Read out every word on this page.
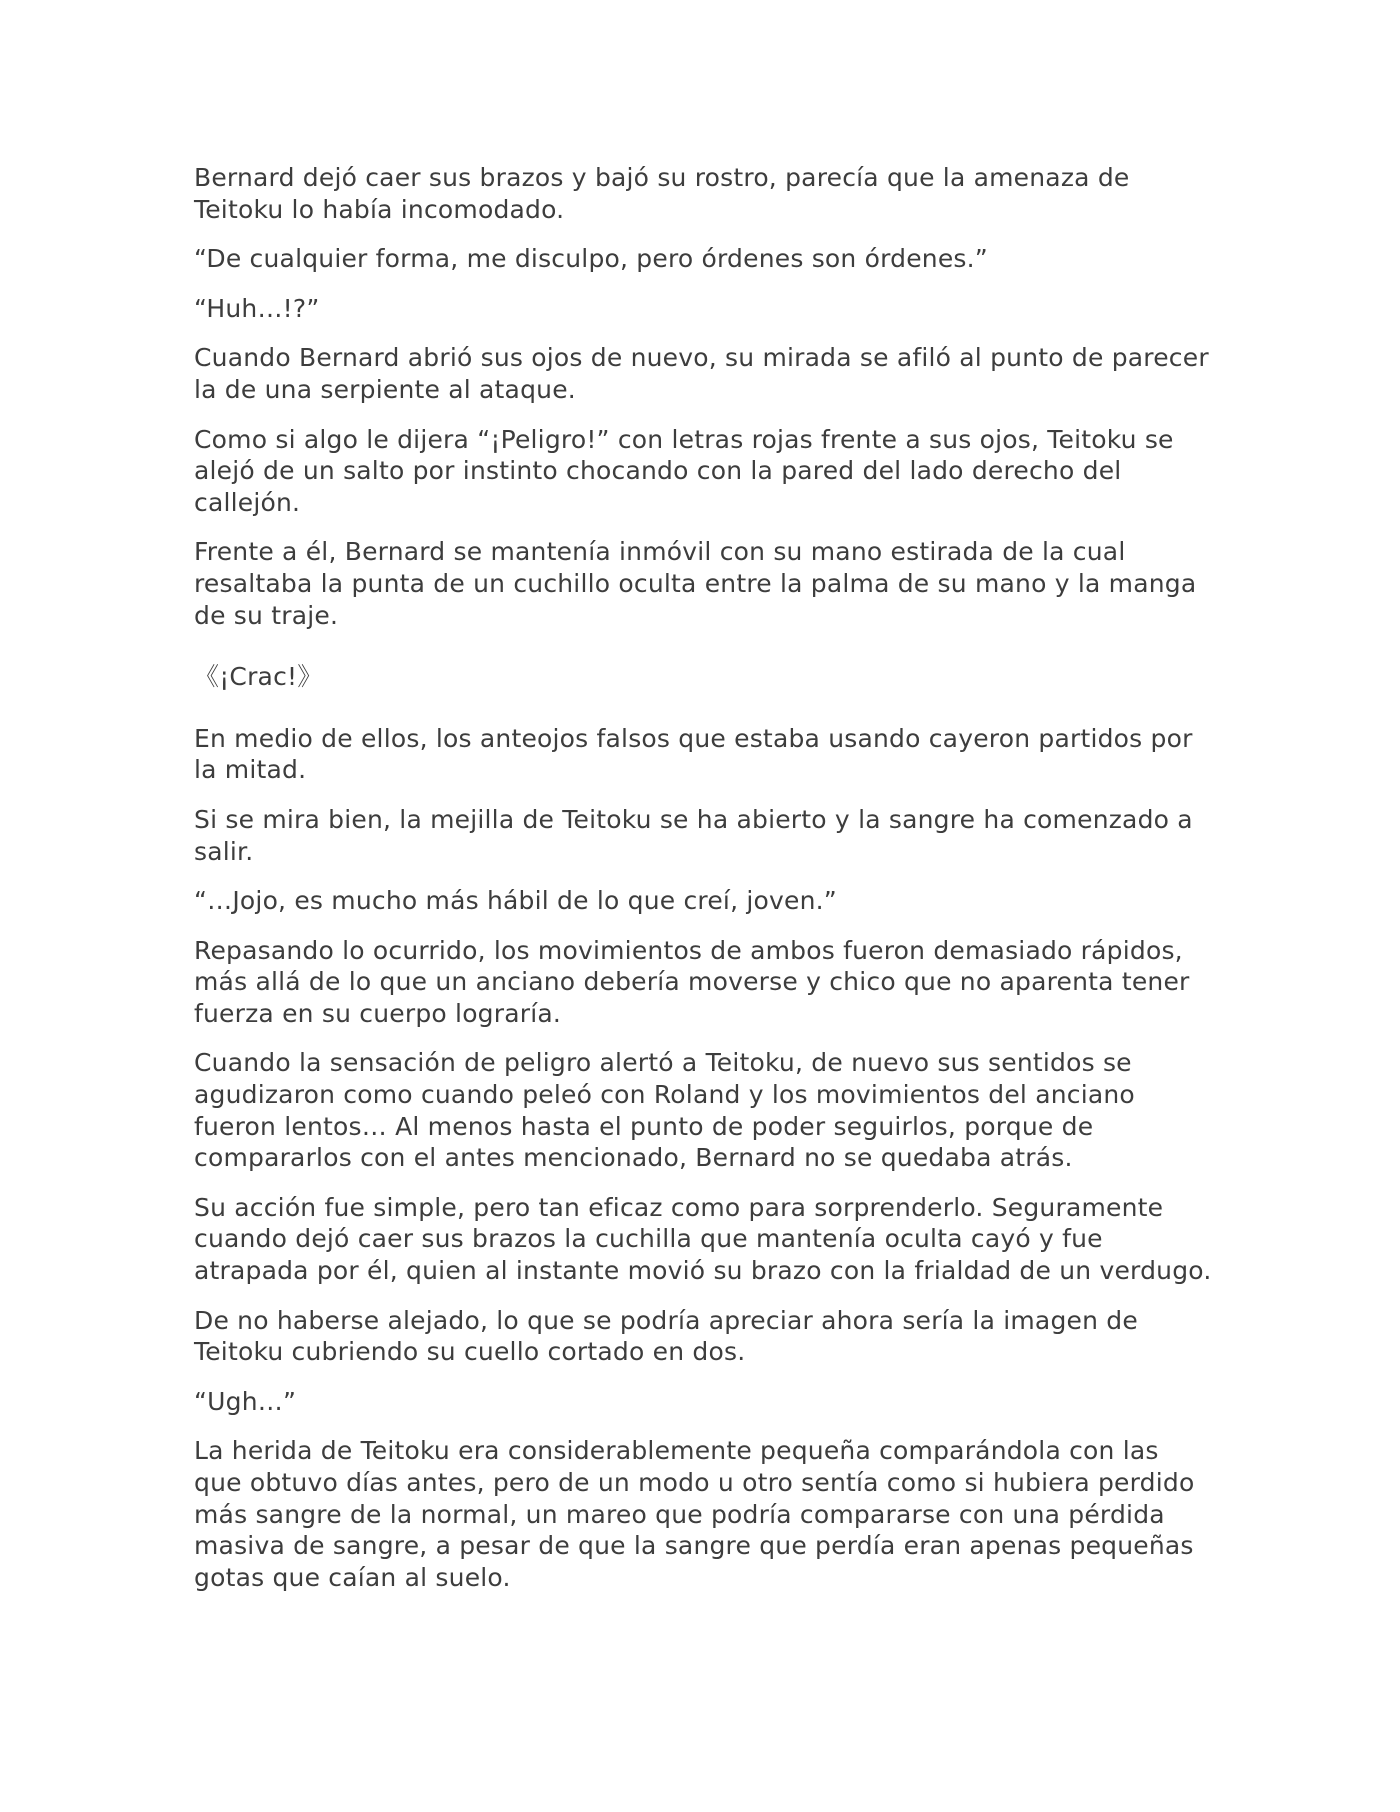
Bernard dejó caer sus brazos y bajó su rostro, parecía que la amenaza de Teitoku lo había incomodado.

“De cualquier forma, me disculpo, pero órdenes son órdenes.”

“Huh…!?”

Cuando Bernard abrió sus ojos de nuevo, su mirada se afiló al punto de parecer la de una serpiente al ataque.

Como si algo le dijera “¡Peligro!” con letras rojas frente a sus ojos, Teitoku se alejó de un salto por instinto chocando con la pared del lado derecho del callejón.

Frente a él, Bernard se mantenía inmóvil con su mano estirada de la cual resaltaba la punta de un cuchillo oculta entre la palma de su mano y la manga de su traje.

《¡Crac!》

En medio de ellos, los anteojos falsos que estaba usando cayeron partidos por la mitad.

Si se mira bien, la mejilla de Teitoku se ha abierto y la sangre ha comenzado a salir.

“…Jojo, es mucho más hábil de lo que creí, joven.”

Repasando lo ocurrido, los movimientos de ambos fueron demasiado rápidos, más allá de lo que un anciano debería moverse y chico que no aparenta tener fuerza en su cuerpo lograría.

Cuando la sensación de peligro alertó a Teitoku, de nuevo sus sentidos se agudizaron como cuando peleó con Roland y los movimientos del anciano fueron lentos… Al menos hasta el punto de poder seguirlos, porque de compararlos con el antes mencionado, Bernard no se quedaba atrás.

Su acción fue simple, pero tan eficaz como para sorprenderlo. Seguramente cuando dejó caer sus brazos la cuchilla que mantenía oculta cayó y fue atrapada por él, quien al instante movió su brazo con la frialdad de un verdugo.

De no haberse alejado, lo que se podría apreciar ahora sería la imagen de Teitoku cubriendo su cuello cortado en dos.

“Ugh…”

La herida de Teitoku era considerablemente pequeña comparándola con las que obtuvo días antes, pero de un modo u otro sentía como si hubiera perdido más sangre de la normal, un mareo que podría compararse con una pérdida masiva de sangre, a pesar de que la sangre que perdía eran apenas pequeñas gotas que caían al suelo.
